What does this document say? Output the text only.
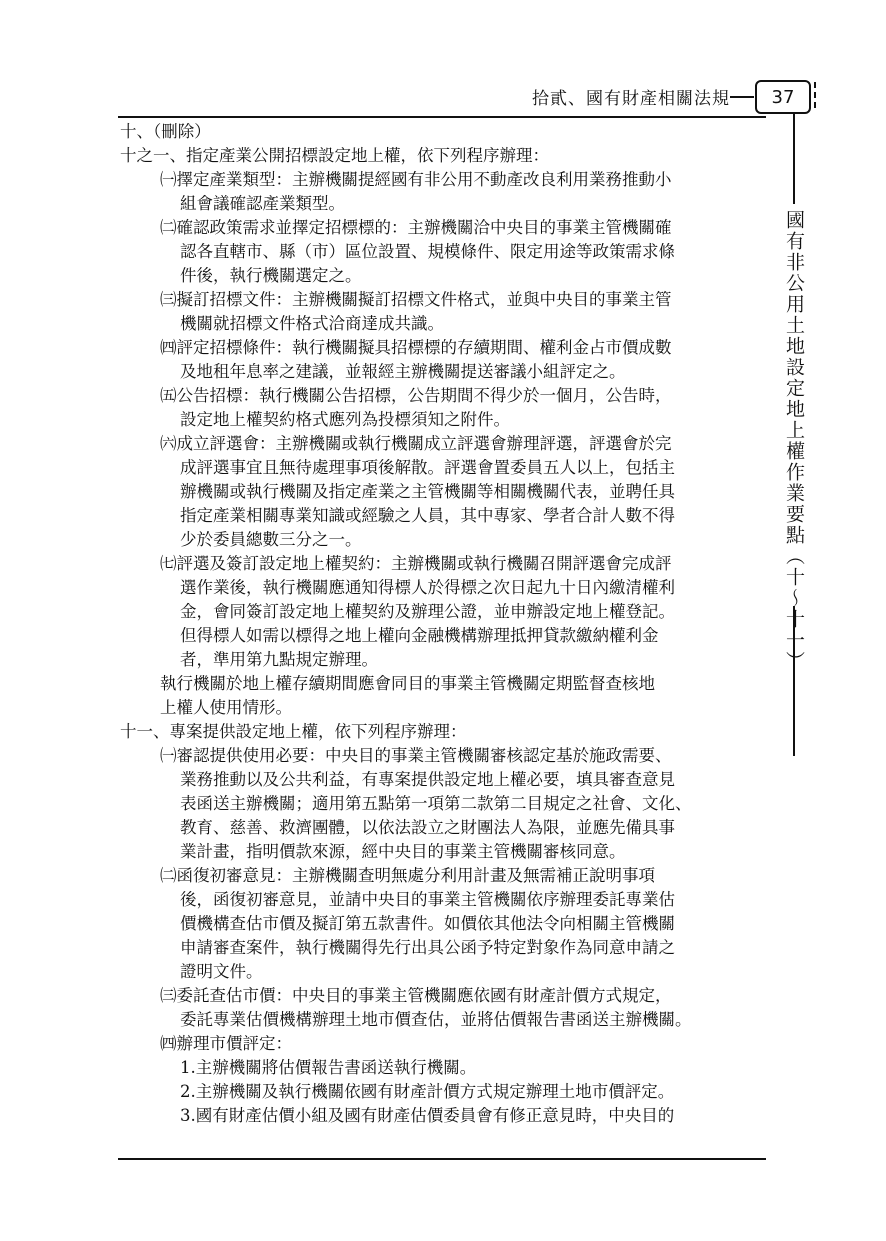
拾貳、國有財產相關法規 37
國有非公用土地設定地上權作業要點（十〜十一）
十、（刪除）
十之一、指定產業公開招標設定地上權，依下列程序辦理：
㈠擇定產業類型：主辦機關提經國有非公用不動產改良利用業務推動小
組會議確認產業類型。
㈡確認政策需求並擇定招標標的：主辦機關洽中央目的事業主管機關確
認各直轄市、縣（市）區位設置、規模條件、限定用途等政策需求條
件後，執行機關選定之。
㈢擬訂招標文件：主辦機關擬訂招標文件格式，並與中央目的事業主管
機關就招標文件格式洽商達成共識。
㈣評定招標條件：執行機關擬具招標標的存續期間、權利金占市價成數
及地租年息率之建議，並報經主辦機關提送審議小組評定之。
㈤公告招標：執行機關公告招標，公告期間不得少於一個月，公告時，
設定地上權契約格式應列為投標須知之附件。
㈥成立評選會：主辦機關或執行機關成立評選會辦理評選，評選會於完
成評選事宜且無待處理事項後解散。評選會置委員五人以上，包括主
辦機關或執行機關及指定產業之主管機關等相關機關代表，並聘任具
指定產業相關專業知識或經驗之人員，其中專家、學者合計人數不得
少於委員總數三分之一。
㈦評選及簽訂設定地上權契約：主辦機關或執行機關召開評選會完成評
選作業後，執行機關應通知得標人於得標之次日起九十日內繳清權利
金，會同簽訂設定地上權契約及辦理公證，並申辦設定地上權登記。
但得標人如需以標得之地上權向金融機構辦理抵押貸款繳納權利金
者，準用第九點規定辦理。
執行機關於地上權存續期間應會同目的事業主管機關定期監督查核地
上權人使用情形。
十一、專案提供設定地上權，依下列程序辦理：
㈠審認提供使用必要：中央目的事業主管機關審核認定基於施政需要、
業務推動以及公共利益，有專案提供設定地上權必要，填具審查意見
表函送主辦機關；適用第五點第一項第二款第二目規定之社會、文化、
教育、慈善、救濟團體，以依法設立之財團法人為限，並應先備具事
業計畫，指明價款來源，經中央目的事業主管機關審核同意。
㈡函復初審意見：主辦機關查明無處分利用計畫及無需補正說明事項
後，函復初審意見，並請中央目的事業主管機關依序辦理委託專業估
價機構查估市價及擬訂第五款書件。如價依其他法令向相關主管機關
申請審查案件，執行機關得先行出具公函予特定對象作為同意申請之
證明文件。
㈢委託查估市價：中央目的事業主管機關應依國有財產計價方式規定，
委託專業估價機構辦理土地市價查估，並將估價報告書函送主辦機關。
㈣辦理市價評定：
1.主辦機關將估價報告書函送執行機關。
2.主辦機關及執行機關依國有財產計價方式規定辦理土地市價評定。
3.國有財產估價小組及國有財產估價委員會有修正意見時，中央目的
